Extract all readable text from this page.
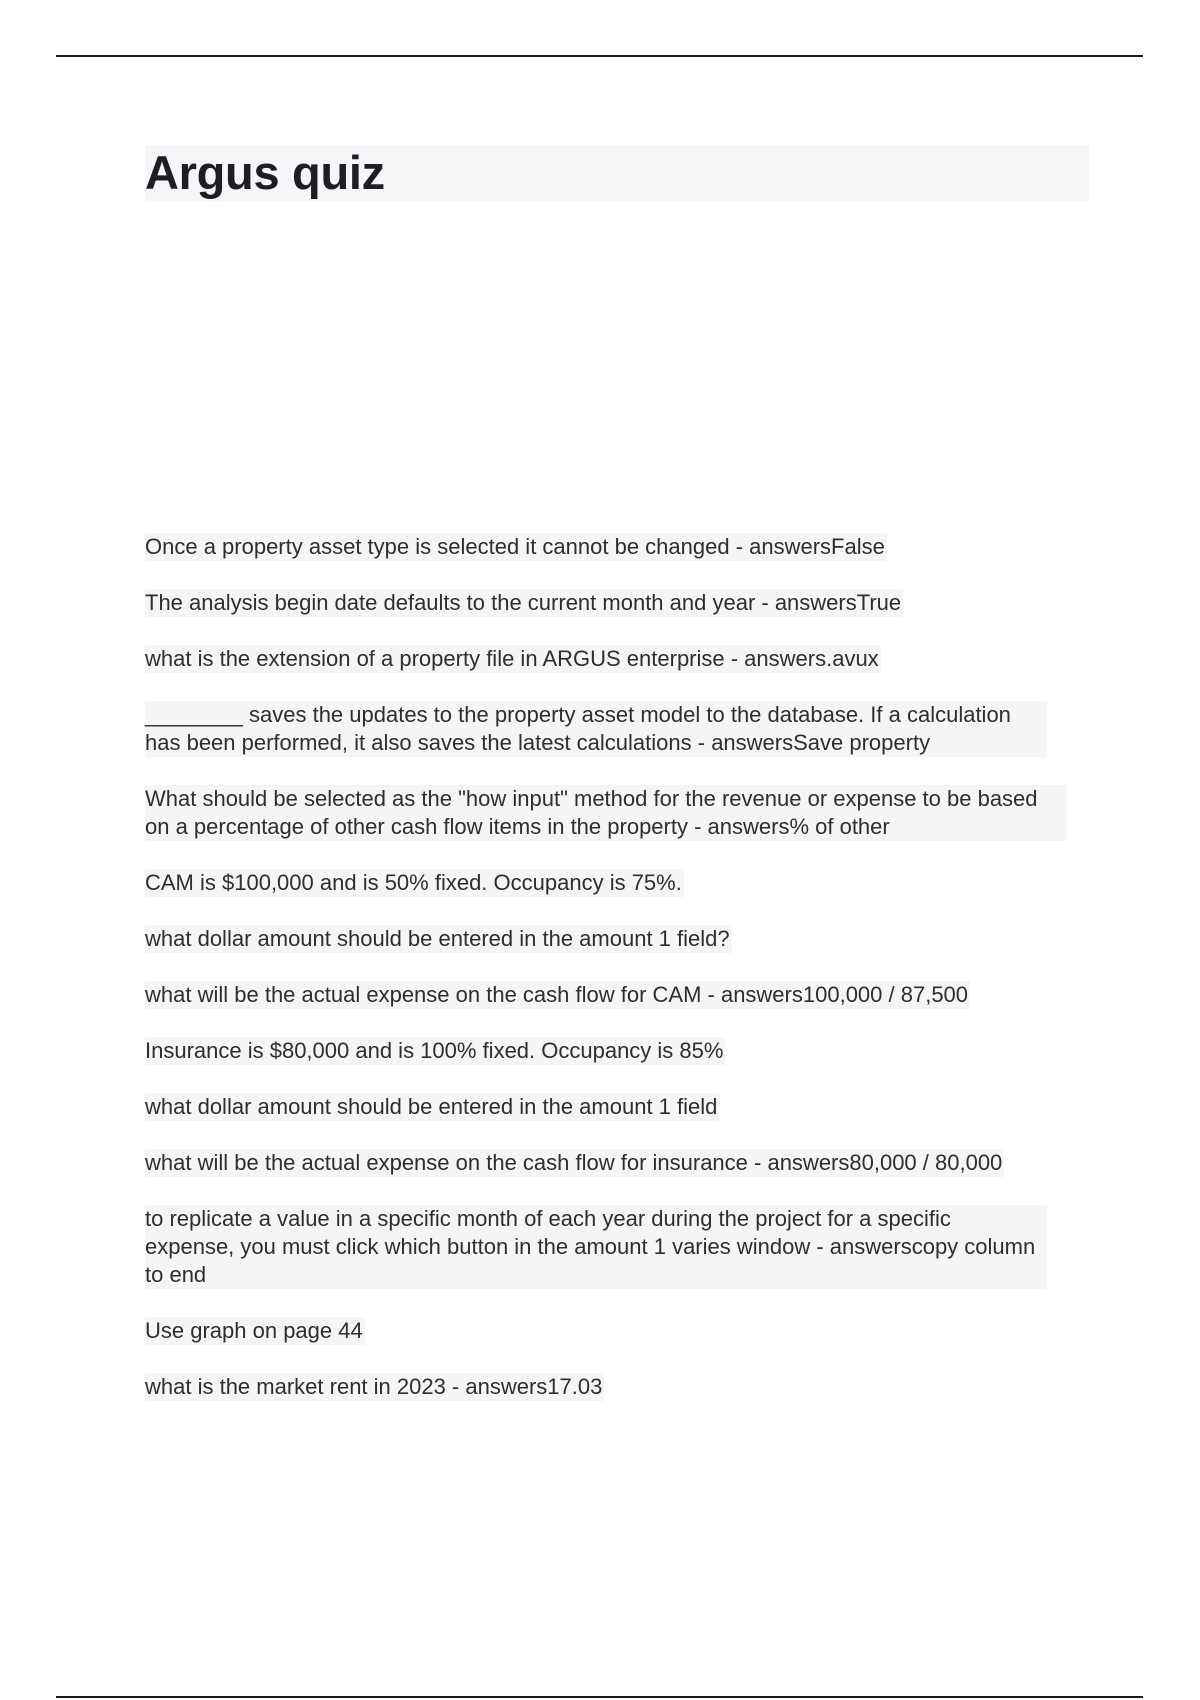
Argus quiz
Once a property asset type is selected it cannot be changed - answersFalse
The analysis begin date defaults to the current month and year - answersTrue
what is the extension of a property file in ARGUS enterprise - answers.avux
________ saves the updates to the property asset model to the database. If a calculation has been performed, it also saves the latest calculations - answersSave property
What should be selected as the "how input" method for the revenue or expense to be based on a percentage of other cash flow items in the property - answers% of other
CAM is $100,000 and is 50% fixed. Occupancy is 75%.
what dollar amount should be entered in the amount 1 field?
what will be the actual expense on the cash flow for CAM - answers100,000 / 87,500
Insurance is $80,000 and is 100% fixed. Occupancy is 85%
what dollar amount should be entered in the amount 1 field
what will be the actual expense on the cash flow for insurance - answers80,000 / 80,000
to replicate a value in a specific month of each year during the project for a specific expense, you must click which button in the amount 1 varies window - answerscopy column to end
Use graph on page 44
what is the market rent in 2023 - answers17.03
